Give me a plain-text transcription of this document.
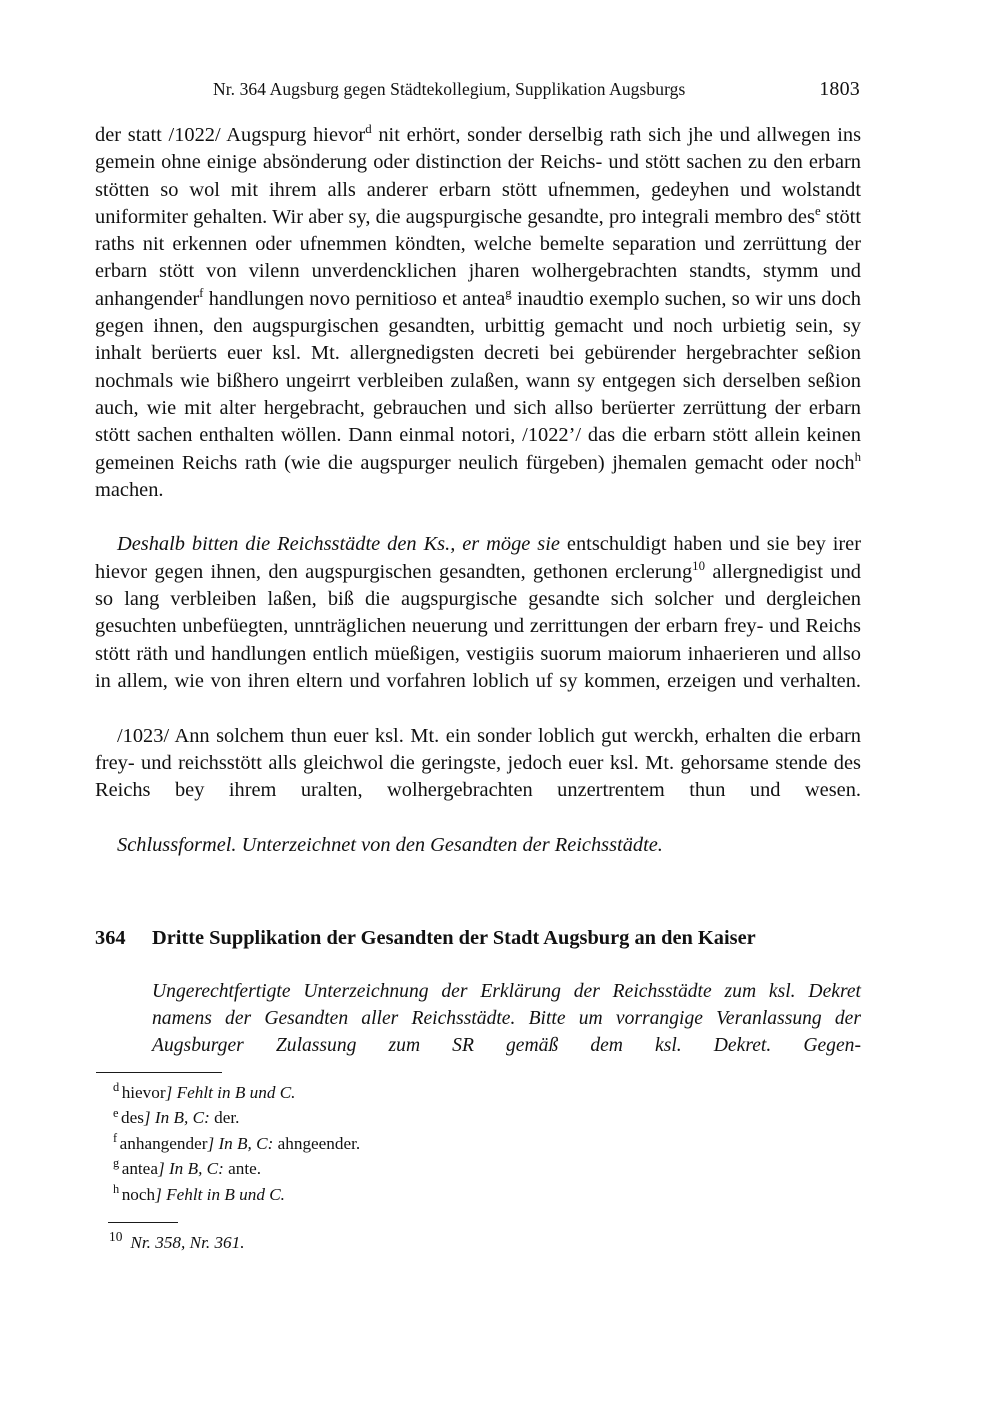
Nr. 364 Augsburg gegen Städtekollegium, Supplikation Augsburgs	1803

der statt /1022/ Augspurg hievor$^d$ nit erhört, sonder derselbig rath sich jhe und allwegen ins gemein ohne einige absönderung oder distinction der Reichs- und stött sachen zu den erbarn stötten so wol mit ihrem alls anderer erbarn stött ufnemmen, gedeyhen und wolstandt uniformiter gehalten. Wir aber sy, die augspurgische gesandte, pro integrali membro des$^e$ stött raths nit erkennen oder ufnemmen köndten, welche bemelte separation und zerrüttung der erbarn stött von vilenn unverdencklichen jharen wolhergebrachten standts, stymm und anhangender$^f$ handlungen novo pernitioso et antea$^g$ inaudtio exemplo suchen, so wir uns doch gegen ihnen, den augspurgischen gesandten, urbittig gemacht und noch urbietig sein, sy inhalt berüerts euer ksl. Mt. allergnedigsten decreti bei gebürender hergebrachter seßion nochmals wie bißhero ungeirrt verbleiben zulaßen, wann sy entgegen sich derselben seßion auch, wie mit alter hergebracht, gebrauchen und sich allso berüerter zerrüttung der erbarn stött sachen enthalten wöllen. Dann einmal notori, /1022’/ das die erbarn stött allein keinen gemeinen Reichs rath (wie die augspurger neulich fürgeben) jhemalen gemacht oder noch$^h$ machen.

Deshalb bitten die Reichsstädte den Ks., er möge sie entschuldigt haben und sie bey irer hievor gegen ihnen, den augspurgischen gesandten, gethonen erclerung$^{10}$ allergnedigist und so lang verbleiben laßen, biß die augspurgische gesandte sich solcher und dergleichen gesuchten unbefüegten, unnträglichen neuerung und zerrittungen der erbarn frey- und Reichs stött räth und handlungen entlich müeßigen, vestigiis suorum maiorum inhaerieren und allso in allem, wie von ihren eltern und vorfahren loblich uf sy kommen, erzeigen und verhalten.

/1023/ Ann solchem thun euer ksl. Mt. ein sonder loblich gut werckh, erhalten die erbarn frey- und reichsstött alls gleichwol die geringste, jedoch euer ksl. Mt. gehorsame stende des Reichs bey ihrem uralten, wolhergebrachten unzertrentem thun und wesen.

Schlussformel. Unterzeichnet von den Gesandten der Reichsstädte.

364	Dritte Supplikation der Gesandten der Stadt Augsburg an den Kaiser
Ungerechtfertigte Unterzeichnung der Erklärung der Reichsstädte zum ksl. Dekret namens der Gesandten aller Reichsstädte. Bitte um vorrangige Veranlassung der Augsburger Zulassung zum SR gemäß dem ksl. Dekret. Gegen-
$^d$ hievor] Fehlt in B und C.
$^e$ des] In B, C: der.
$^f$ anhangender] In B, C: ahngeender.
$^g$ antea] In B, C: ante.
$^h$ noch] Fehlt in B und C.
$^{10}$ Nr. 358, Nr. 361.
